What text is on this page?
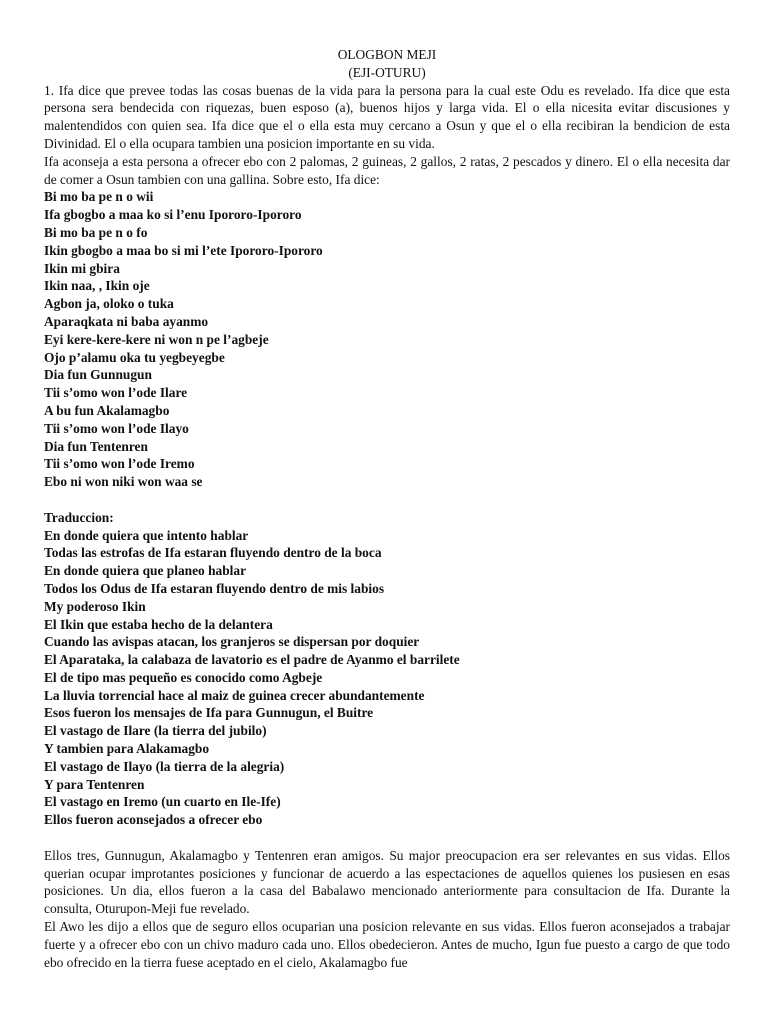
OLOGBON MEJI

(EJI-OTURU)

1. Ifa dice que prevee todas las cosas buenas de la vida para la persona para la cual este Odu es revelado. Ifa dice que esta persona sera bendecida con riquezas, buen esposo (a), buenos hijos y larga vida. El o ella nicesita evitar discusiones y malentendidos con quien sea. Ifa dice que el o ella esta muy cercano a Osun y que el o ella recibiran la bendicion de esta Divinidad. El o ella ocupara tambien una posicion importante en su vida.

Ifa aconseja a esta persona a ofrecer ebo con 2 palomas, 2 guineas, 2 gallos, 2 ratas, 2 pescados y dinero. El o ella necesita dar de comer a Osun tambien con una gallina. Sobre esto, Ifa dice:

Bi mo ba pe n o wii

Ifa gbogbo a maa ko si l’enu Ipororo-Ipororo

Bi mo ba pe n o fo

Ikin gbogbo a maa bo si mi l’ete Ipororo-Ipororo

Ikin mi gbira

Ikin naa, , Ikin oje

Agbon ja, oloko o tuka

Aparaqkata ni baba ayanmo

Eyi kere-kere-kere ni won n pe l’agbeje

Ojo p’alamu oka tu yegbeyegbe

Dia fun Gunnugun

Tii s’omo won l’ode Ilare

A bu fun Akalamagbo

Tii s’omo won l’ode Ilayo

Dia fun Tentenren

Tii s’omo won l’ode Iremo

Ebo ni won niki won waa se

Traduccion:

En donde quiera que intento hablar

Todas las estrofas de Ifa estaran fluyendo dentro de la boca

En donde quiera que planeo hablar

Todos los Odus de Ifa estaran fluyendo dentro de mis labios

My poderoso Ikin

El Ikin que estaba hecho de la delantera

Cuando las avispas atacan, los granjeros se dispersan por doquier

El Aparataka, la calabaza de lavatorio es el padre de Ayanmo el barrilete

El de tipo mas pequeño es conocido como Agbeje

La lluvia torrencial hace al maiz de guinea crecer abundantemente

Esos fueron los mensajes de Ifa para Gunnugun, el Buitre

El vastago de Ilare (la tierra del jubilo)

Y tambien para Alakamagbo

El vastago de Ilayo (la tierra de la alegria)

Y para Tentenren

El vastago en Iremo (un cuarto en Ile-Ife)

Ellos fueron aconsejados a ofrecer ebo

Ellos tres, Gunnugun, Akalamagbo y Tentenren eran amigos. Su major preocupacion era ser relevantes en sus vidas. Ellos querian ocupar improtantes posiciones y funcionar de acuerdo a las espectaciones de aquellos quienes los pusiesen en esas posiciones. Un dia, ellos fueron a la casa del Babalawo mencionado anteriormente para consultacion de Ifa. Durante la consulta, Oturupon-Meji fue revelado.

El Awo les dijo a ellos que de seguro ellos ocuparian una posicion relevante en sus vidas. Ellos fueron aconsejados a trabajar fuerte y a ofrecer ebo con un chivo maduro cada uno. Ellos obedecieron. Antes de mucho, Igun fue puesto a cargo de que todo ebo ofrecido en la tierra fuese aceptado en el cielo, Akalamagbo fue
